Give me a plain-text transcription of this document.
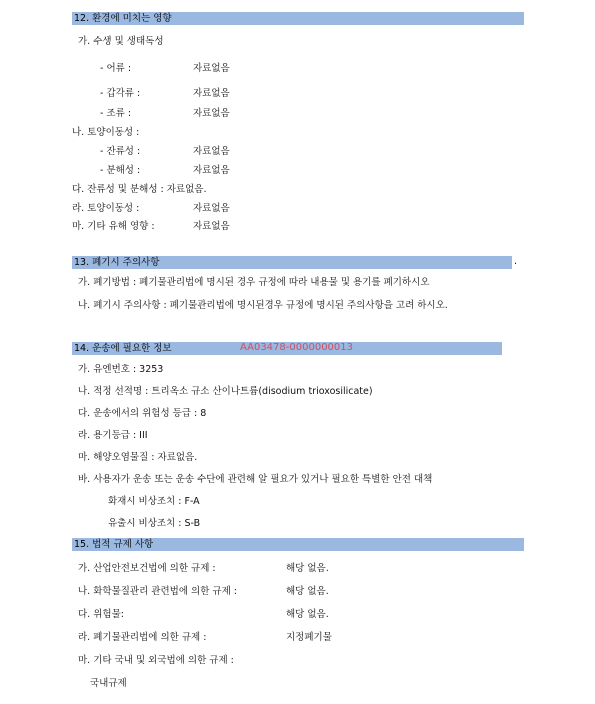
12. 환경에 미치는 영향
가. 수생 및 생태독성
- 어류 :	자료없음
- 갑각류 :	자료없음
- 조류 :	자료없음
나. 토양이동성 :
- 잔류성 :	자료없음
- 분해성 :	자료없음
다. 잔류성 및 분해성 : 자료없음.
라. 토양이동성 :	자료없음
마. 기타 유해 영향 :	자료없음
13. 폐기시 주의사항	.
가. 폐기방법 : 폐기물관리법에 명시된 경우 규정에 따라 내용물 및 용기를 폐기하시오
나. 폐기시 주의사항 : 폐기물관리법에 명시된경우 규정에 명시된 주의사항을 고려 하시오.
14. 운송에 필요한 정보	AA03478-0000000013
가. 유엔번호 : 3253
나. 적정 선적명 : 트리옥소 규소 산이나트륨(disodium trioxosilicate)
다. 운송에서의 위험성 등급 : 8
라. 용기등급 : III
마. 해양오염물질 : 자료없음.
바. 사용자가 운송 또는 운송 수단에 관련해 알 필요가 있거나 필요한 특별한 안전 대책
화재시 비상조치 : F-A
유출시 비상조치 : S-B
15. 법적 규제 사항
가. 산업안전보건법에 의한 규제 :	해당 없음.
나. 화학물질관리 관련법에 의한 규제 :	해당 없음.
다. 위험물:	해당 없음.
라. 폐기물관리법에 의한 규제 :	지정폐기물
마. 기타 국내 및 외국법에 의한 규제 :
국내규제
